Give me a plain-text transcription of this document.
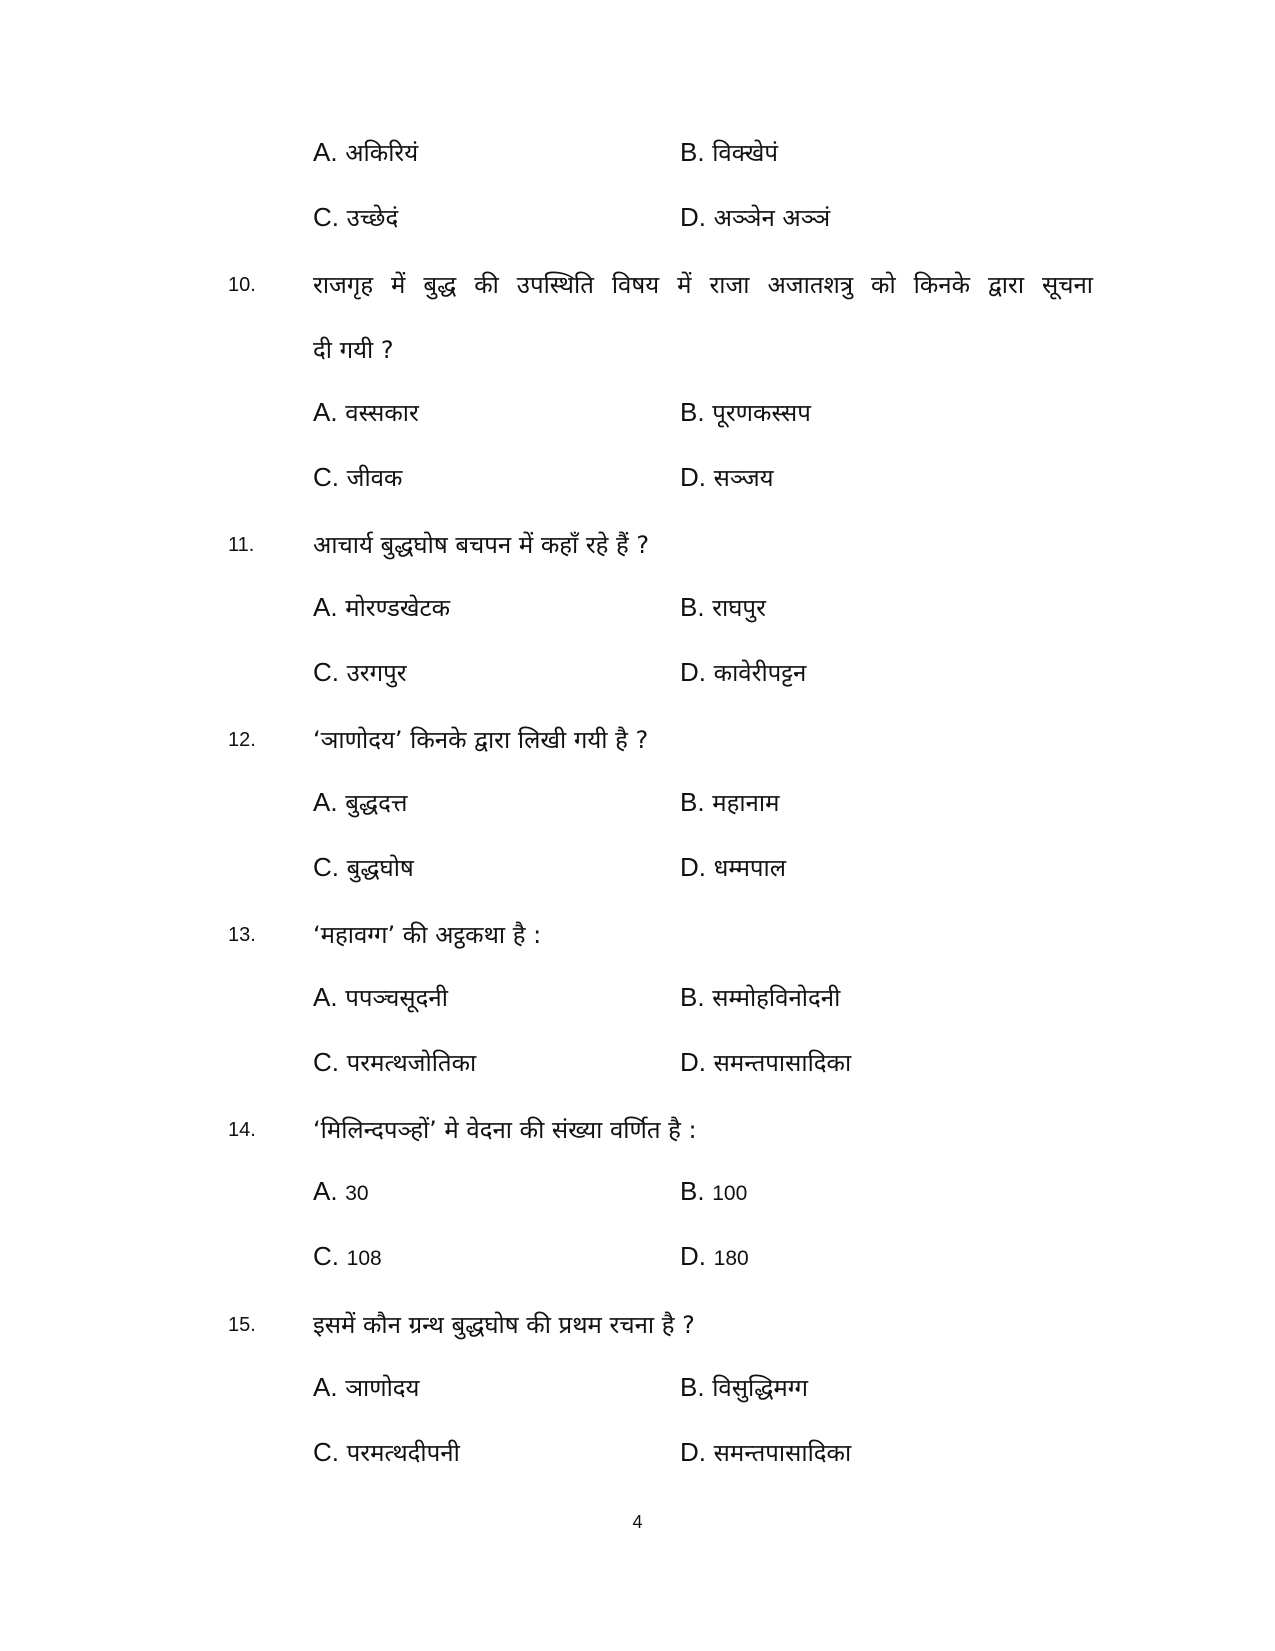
A. अकिरियं	B. विक्खेपं
C. उच्छेदं	D. अञ्ञेन अञ्ञं
10. राजगृह में बुद्ध की उपस्थिति विषय में राजा अजातशत्रु को किनके द्वारा सूचना
दी गयी ?
A. वस्सकार	B. पूरणकस्सप
C. जीवक	D. सञ्जय
11. आचार्य बुद्धघोष बचपन में कहाँ रहे हैं ?
A. मोरण्डखेटक	B. राघपुर
C. उरगपुर	D. कावेरीपट्टन
12. ‘ञाणोदय’ किनके द्वारा लिखी गयी है ?
A. बुद्धदत्त	B. महानाम
C. बुद्धघोष	D. धम्मपाल
13. ‘महावग्ग’ की अट्ठकथा है :
A. पपञ्चसूदनी	B. सम्मोहविनोदनी
C. परमत्थजोतिका	D. समन्तपासादिका
14. ‘मिलिन्दपञ्हों’ मे वेदना की संख्या वर्णित है :
A. 30	B. 100
C. 108	D. 180
15. इसमें कौन ग्रन्थ बुद्धघोष की प्रथम रचना है ?
A. ञाणोदय	B. विसुद्धिमग्ग
C. परमत्थदीपनी	D. समन्तपासादिका
4
